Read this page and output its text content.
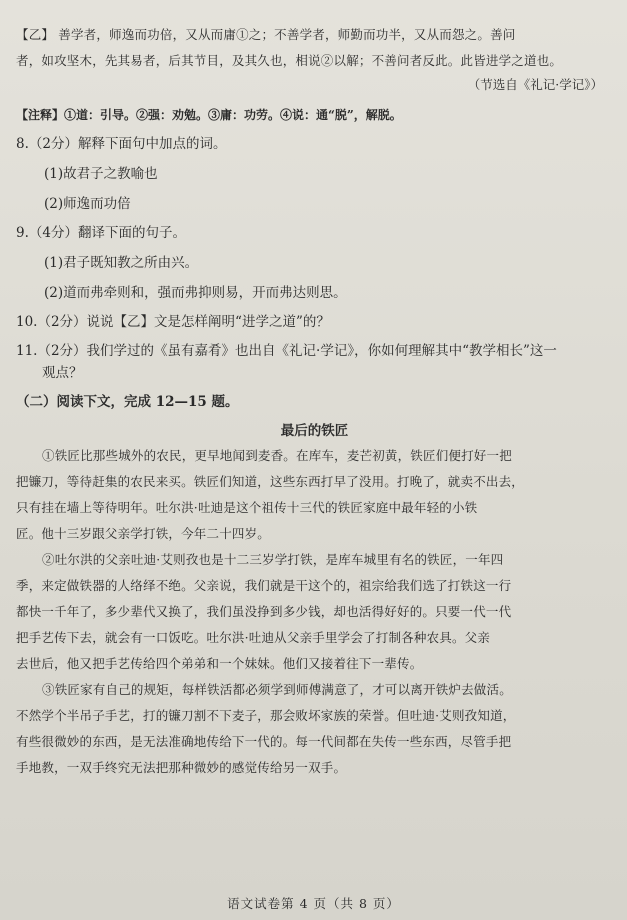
【乙】 善学者，师逸而功倍，又从而庸①之；不善学者，师勤而功半，又从而怨之。善问
者，如攻坚木，先其易者，后其节目，及其久也，相说②以解；不善问者反此。此皆进学之道也。
（节选自《礼记·学记》）
【注释】①道：引导。②强：劝勉。③庸：功劳。④说：通“脱”，解脱。
8.（2分）解释下面句中加点的词。
(1)故君子之教喻也
(2)师逸而功倍
9.（4分）翻译下面的句子。
(1)君子既知教之所由兴。
(2)道而弗牵则和，强而弗抑则易，开而弗达则思。
10.（2分）说说【乙】文是怎样阐明“进学之道”的？
11.（2分）我们学过的《虽有嘉肴》也出自《礼记·学记》，你如何理解其中“教学相长”这一
观点？
（二）阅读下文，完成 12—15 题。
最后的铁匠
①铁匠比那些城外的农民，更早地闻到麦香。在库车，麦芒初黄，铁匠们便打好一把
把镰刀，等待赶集的农民来买。铁匠们知道，这些东西打早了没用。打晚了，就卖不出去，
只有挂在墙上等待明年。吐尔洪·吐迪是这个祖传十三代的铁匠家庭中最年轻的小铁
匠。他十三岁跟父亲学打铁，今年二十四岁。
②吐尔洪的父亲吐迪·艾则孜也是十二三岁学打铁，是库车城里有名的铁匠，一年四
季，来定做铁器的人络绎不绝。父亲说，我们就是干这个的，祖宗给我们选了打铁这一行
都快一千年了，多少辈代又换了，我们虽没挣到多少钱，却也活得好好的。只要一代一代
把手艺传下去，就会有一口饭吃。吐尔洪·吐迪从父亲手里学会了打制各种农具。父亲
去世后，他又把手艺传给四个弟弟和一个妹妹。他们又接着往下一辈传。
③铁匠家有自己的规矩，每样铁活都必须学到师傅满意了，才可以离开铁炉去做活。
不然学个半吊子手艺，打的镰刀割不下麦子，那会败坏家族的荣誉。但吐迪·艾则孜知道，
有些很微妙的东西，是无法准确地传给下一代的。每一代间都在失传一些东西，尽管手把
手地教，一双手终究无法把那种微妙的感觉传给另一双手。
语文试卷第 4 页（共 8 页）
